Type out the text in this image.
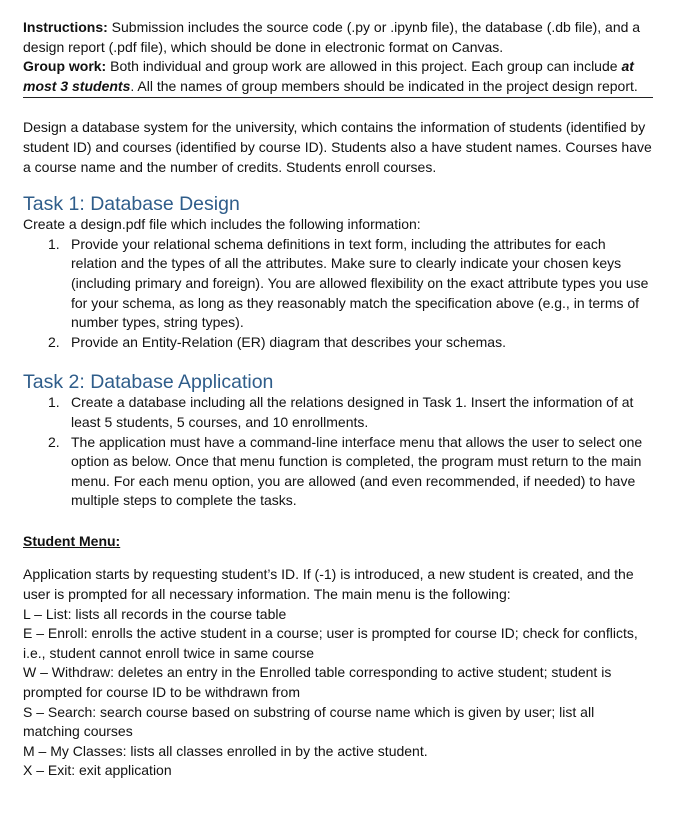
Instructions: Submission includes the source code (.py or .ipynb file), the database (.db file), and a design report (.pdf file), which should be done in electronic format on Canvas.

Group work: Both individual and group work are allowed in this project. Each group can include at most 3 students. All the names of group members should be indicated in the project design report.

Design a database system for the university, which contains the information of students (identified by student ID) and courses (identified by course ID). Students also a have student names. Courses have a course name and the number of credits. Students enroll courses.

Task 1: Database Design

Create a design.pdf file which includes the following information:

1. Provide your relational schema definitions in text form, including the attributes for each relation and the types of all the attributes. Make sure to clearly indicate your chosen keys (including primary and foreign). You are allowed flexibility on the exact attribute types you use for your schema, as long as they reasonably match the specification above (e.g., in terms of number types, string types).
2. Provide an Entity-Relation (ER) diagram that describes your schemas.
Task 2: Database Application
1. Create a database including all the relations designed in Task 1. Insert the information of at least 5 students, 5 courses, and 10 enrollments.
2. The application must have a command-line interface menu that allows the user to select one option as below. Once that menu function is completed, the program must return to the main menu. For each menu option, you are allowed (and even recommended, if needed) to have multiple steps to complete the tasks.

Student Menu:

Application starts by requesting student’s ID. If (-1) is introduced, a new student is created, and the user is prompted for all necessary information. The main menu is the following:

L – List: lists all records in the course table

E – Enroll: enrolls the active student in a course; user is prompted for course ID; check for conflicts, i.e., student cannot enroll twice in same course

W – Withdraw: deletes an entry in the Enrolled table corresponding to active student; student is prompted for course ID to be withdrawn from

S – Search: search course based on substring of course name which is given by user; list all matching courses

M – My Classes: lists all classes enrolled in by the active student.

X – Exit: exit application
